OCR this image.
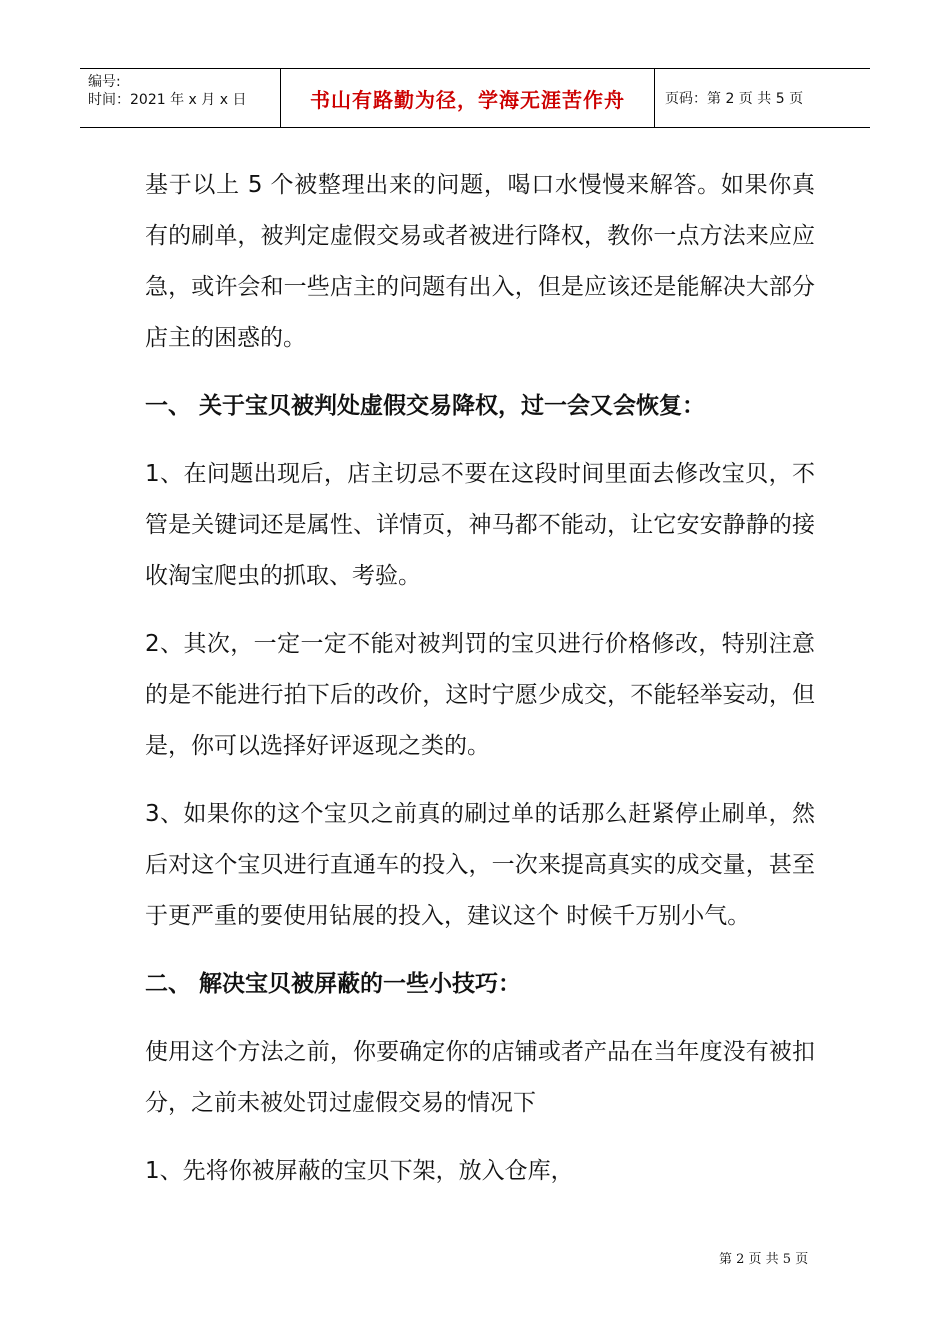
编号:
时间：2021 年 x 月 x 日	书山有路勤为径，学海无涯苦作舟	页码：第 2 页 共 5 页

基于以上 5 个被整理出来的问题，喝口水慢慢来解答。如果你真有的刷单，被判定虚假交易或者被进行降权，教你一点方法来应应急，或许会和一些店主的问题有出入，但是应该还是能解决大部分店主的困惑的。

一、 关于宝贝被判处虚假交易降权，过一会又会恢复：

1、在问题出现后，店主切忌不要在这段时间里面去修改宝贝，不管是关键词还是属性、详情页，神马都不能动，让它安安静静的接收淘宝爬虫的抓取、考验。

2、其次，一定一定不能对被判罚的宝贝进行价格修改，特别注意的是不能进行拍下后的改价，这时宁愿少成交，不能轻举妄动，但是，你可以选择好评返现之类的。

3、如果你的这个宝贝之前真的刷过单的话那么赶紧停止刷单，然后对这个宝贝进行直通车的投入，一次来提高真实的成交量，甚至于更严重的要使用钻展的投入，建议这个 时候千万别小气。

二、 解决宝贝被屏蔽的一些小技巧：

使用这个方法之前，你要确定你的店铺或者产品在当年度没有被扣分，之前未被处罚过虚假交易的情况下

1、先将你被屏蔽的宝贝下架，放入仓库，

第 2 页 共 5 页
